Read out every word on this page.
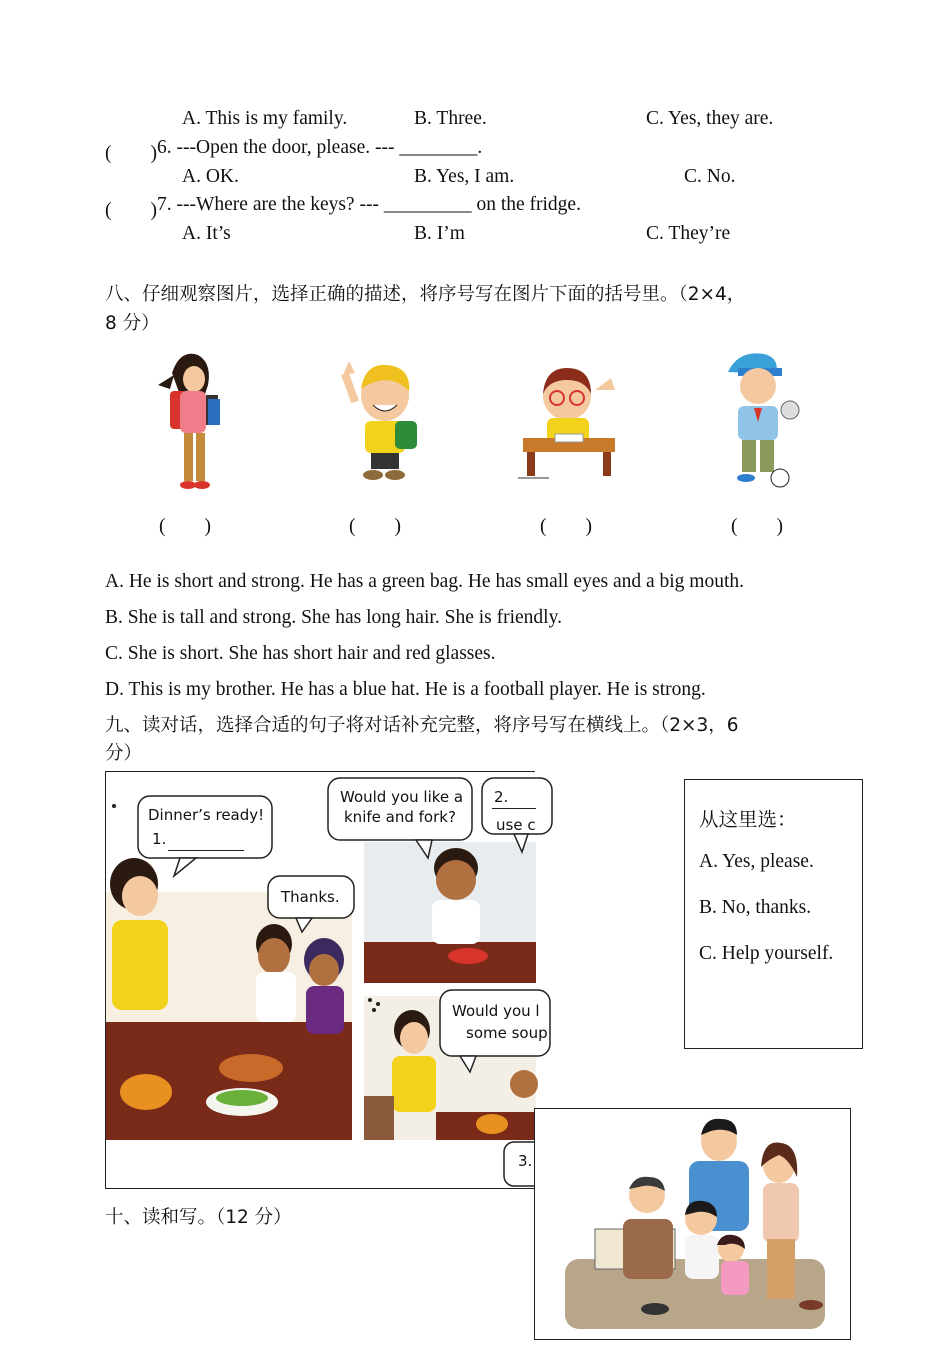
A. This is my family.	B. Three.	C. Yes, they are.
(　　) 6. ---Open the door, please. --- ________.
A. OK.	B. Yes, I am.	C. No.
(　　) 7. ---Where are the keys? --- _________ on the fridge.
A. It’s	B. I’m	C. They’re
八、仔细观察图片，选择正确的描述，将序号写在图片下面的括号里。（2×4，
8 分）
(　　)	(　　)	(　　)	(　　)
A. He is short and strong. He has a green bag. He has small eyes and a big mouth.
B. She is tall and strong. She has long hair. She is friendly.
C. She is short. She has short hair and red glasses.
D. This is my brother. He has a blue hat. He is a football player. He is strong.
九、读对话，选择合适的句子将对话补充完整，将序号写在横线上。（2×3，6
分）
Dinner’s ready!
1.
Thanks.
Would you like a
knife and fork?
2.
use c
Would you l
some soup
3.
从这里选：
A. Yes, please.
B. No, thanks.
C. Help yourself.
十、读和写。（12 分）
